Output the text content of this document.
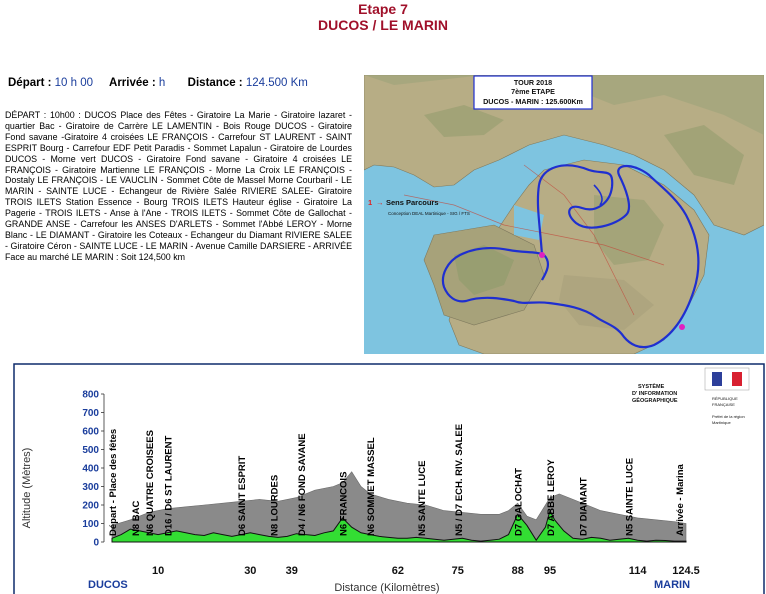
Etape 7
DUCOS / LE MARIN
Départ : 10 h 00 Arrivée : h Distance : 124.500 Km
DÉPART : 10h00 : DUCOS Place des Fêtes - Giratoire La Marie - Giratoire lazaret - quartier Bac - Giratoire de Carrère LE LAMENTIN - Bois Rouge DUCOS - Giratoire Fond savane -Giratoire 4 croisées LE FRANÇOIS - Carrefour ST LAURENT - SAINT ESPRIT Bourg - Carrefour EDF Petit Paradis - Sommet Lapalun - Giratoire de Lourdes DUCOS - Morne vert DUCOS - Giratoire Fond savane - Giratoire 4 croisées LE FRANÇOIS - Giratoire Martienne LE FRANÇOIS - Morne La Croix LE FRANÇOIS - Dostaly LE FRANÇOIS - LE VAUCLIN - Sommet Côte de Massel Morne Courbaril - LE MARIN - SAINTE LUCE - Echangeur de Rivière Salée RIVIERE SALEE- Giratoire TROIS ILETS Station Essence - Bourg TROIS ILETS Hauteur église - Giratoire La Pagerie - TROIS ILETS - Anse à l'Ane - TROIS ILETS - Sommet Côte de Gallochat - GRANDE ANSE - Carrefour les ANSES D'ARLETS - Sommet l'Abbé LEROY - Morne Blanc - LE DIAMANT - Giratoire les Coteaux - Echangeur du Diamant RIVIERE SALEE - Giratoire Céron - SAINTE LUCE - LE MARIN - Avenue Camille DARSIERE - ARRIVÉE Face au marché LE MARIN : Soit 124,500 km
TOUR 2018
7ème ETAPE
DUCOS - MARIN : 125.600Km
1 → Sens Parcours
Conception DEAL Martinique - SIG / FTS
0
100
200
300
400
500
600
700
800
10	30	39	62	75	88 95	114 124.5
Départ - Place des fêtes N8 BAC N6 QUATRE CROISEES D16 / D6 ST LAURENT	D6 SAINT ESPRIT N8 LOURDES D4 / N6 FOND SAVANE	N6 FRANCOIS N6 SOMMET MASSEL	N5 SANTE LUCE	N5 / D7 ECH. RIV. SALEE	D7 GALOCHAT D7 ABBE LEROY D7 DIAMANT	N5 SAINTE LUCE	Arrivée - Marina
Altitude (Mètres)
Distance (Kilomètres)
DUCOS	MARIN
SYSTÈME
D' INFORMATION
GÉOGRAPHIQUE	RÉPUBLIQUE
FRANÇAISE
Préfet de la région
Martinique
